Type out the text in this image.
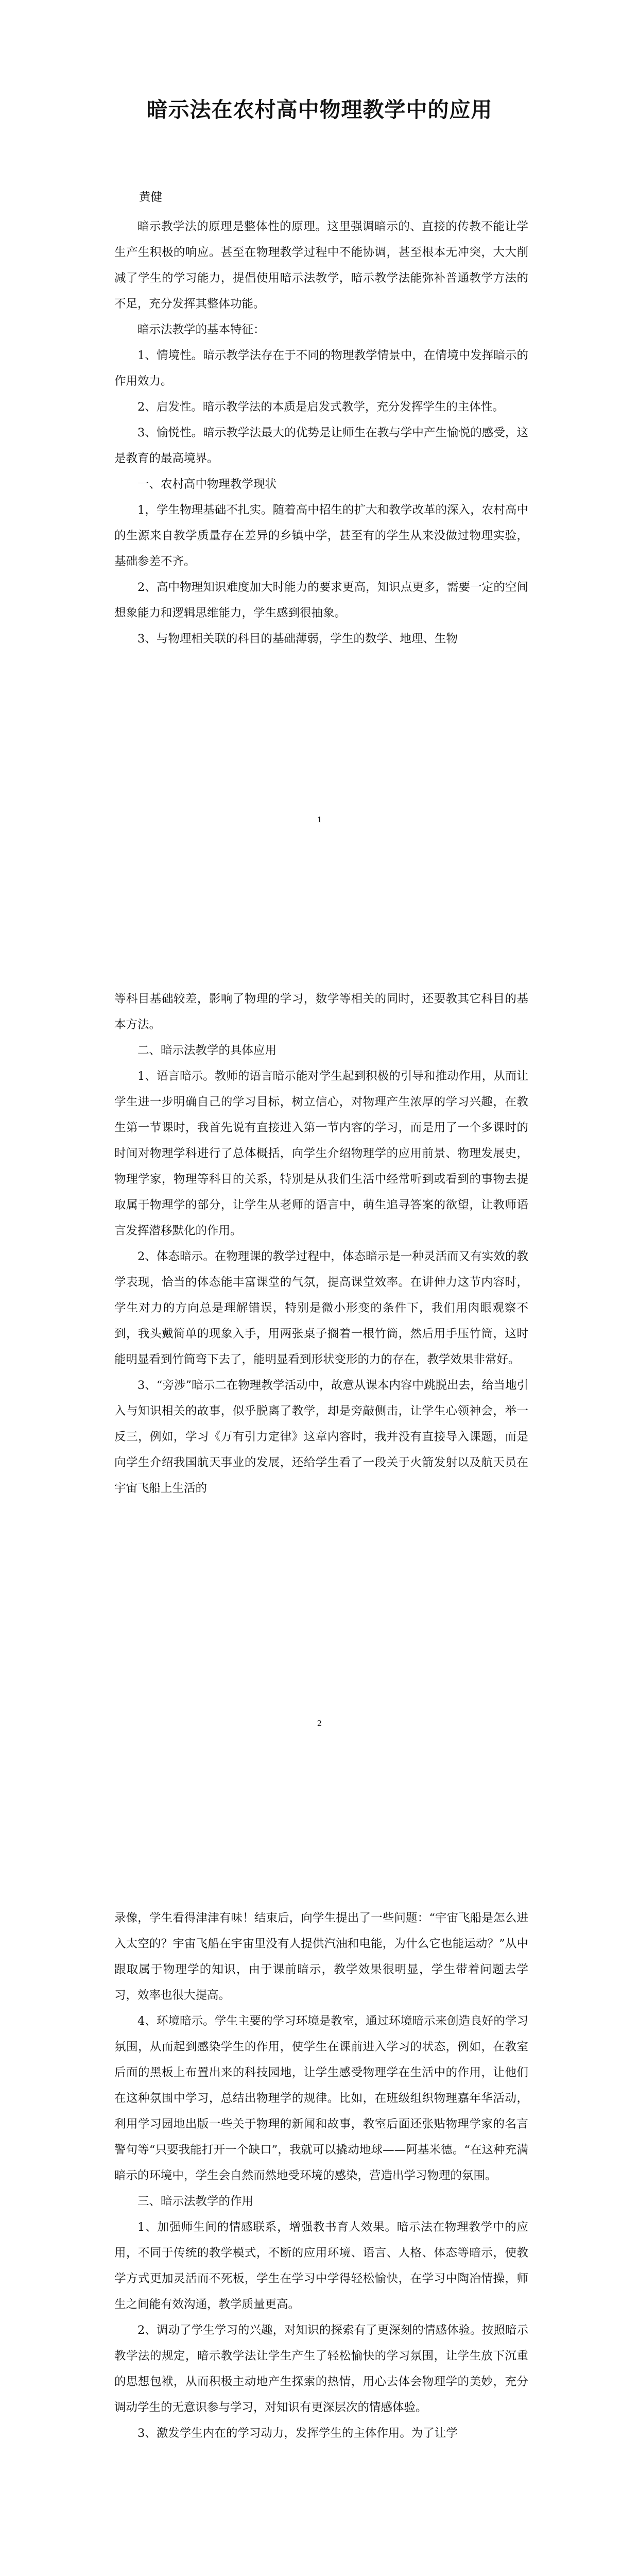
暗示法在农村高中物理教学中的应用
黄健

暗示教学法的原理是整体性的原理。这里强调暗示的、直接的传教不能让学生产生积极的响应。甚至在物理教学过程中不能协调，甚至根本无冲突，大大削减了学生的学习能力，提倡使用暗示法教学，暗示教学法能弥补普通教学方法的不足，充分发挥其整体功能。

暗示法教学的基本特征：

1、情境性。暗示教学法存在于不同的物理教学情景中，在情境中发挥暗示的作用效力。

2、启发性。暗示教学法的本质是启发式教学，充分发挥学生的主体性。

3、愉悦性。暗示教学法最大的优势是让师生在教与学中产生愉悦的感受，这是教育的最高境界。

一、农村高中物理教学现状

1，学生物理基础不扎实。随着高中招生的扩大和教学改革的深入，农村高中的生源来自教学质量存在差异的乡镇中学，甚至有的学生从来没做过物理实验，基础参差不齐。

2、高中物理知识难度加大时能力的要求更高，知识点更多，需要一定的空间想象能力和逻辑思维能力，学生感到很抽象。

3、与物理相关联的科目的基础薄弱，学生的数学、地理、生物

1

等科目基础较差，影响了物理的学习，数学等相关的同时，还要教其它科目的基本方法。

二、暗示法教学的具体应用

1、语言暗示。教师的语言暗示能对学生起到积极的引导和推动作用，从而让学生进一步明确自己的学习目标，树立信心，对物理产生浓厚的学习兴趣，在教生第一节课时，我首先说有直接进入第一节内容的学习，而是用了一个多课时的时间对物理学科进行了总体概括，向学生介绍物理学的应用前景、物理发展史，物理学家，物理等科目的关系，特别是从我们生活中经常听到或看到的事物去提取属于物理学的部分，让学生从老师的语言中，萌生追寻答案的欲望，让教师语言发挥潜移默化的作用。

2、体态暗示。在物理课的教学过程中，体态暗示是一种灵活而又有实效的教学表现，恰当的体态能丰富课堂的气氛，提高课堂效率。在讲伸力这节内容时，学生对力的方向总是理解错误，特别是微小形变的条件下，我们用肉眼观察不到，我头戴简单的现象入手，用两张桌子搁着一根竹筒，然后用手压竹筒，这时能明显看到竹筒弯下去了，能明显看到形状变形的力的存在，教学效果非常好。

3、“旁涉”暗示二在物理教学活动中，故意从课本内容中跳脱出去，给当地引入与知识相关的故事，似乎脱离了教学，却是旁敲侧击，让学生心领神会，举一反三，例如，学习《万有引力定律》这章内容时，我并没有直接导入课题，而是向学生介绍我国航天事业的发展，还给学生看了一段关于火箭发射以及航天员在宇宙飞船上生活的

2

录像，学生看得津津有味！结束后，向学生提出了一些问题：“宇宙飞船是怎么进入太空的？宇宙飞船在宇宙里没有人提供汽油和电能，为什么它也能运动？”从中跟取属于物理学的知识，由于课前暗示，教学效果很明显，学生带着问题去学习，效率也很大提高。

4、环境暗示。学生主要的学习环境是教室，通过环境暗示来创造良好的学习氛围，从而起到感染学生的作用，使学生在课前进入学习的状态，例如，在教室后面的黑板上布置出来的科技园地，让学生感受物理学在生活中的作用，让他们在这种氛围中学习，总结出物理学的规律。比如，在班级组织物理嘉年华活动，利用学习园地出版一些关于物理的新闻和故事，教室后面还张贴物理学家的名言警句等“只要我能打开一个缺口”，我就可以撬动地球——阿基米德。“在这种充满暗示的环境中，学生会自然而然地受环境的感染，营造出学习物理的氛围。

三、暗示法教学的作用

1、加强师生间的情感联系，增强教书育人效果。暗示法在物理教学中的应用，不同于传统的教学模式，不断的应用环境、语言、人格、体态等暗示，使教学方式更加灵活而不死板，学生在学习中学得轻松愉快，在学习中陶冶情操，师生之间能有效沟通，教学质量更高。

2、调动了学生学习的兴趣，对知识的探索有了更深刻的情感体验。按照暗示教学法的规定，暗示教学法让学生产生了轻松愉快的学习氛围，让学生放下沉重的思想包袱，从而积极主动地产生探索的热情，用心去体会物理学的美妙，充分调动学生的无意识参与学习，对知识有更深层次的情感体验。

3、激发学生内在的学习动力，发挥学生的主体作用。为了让学
